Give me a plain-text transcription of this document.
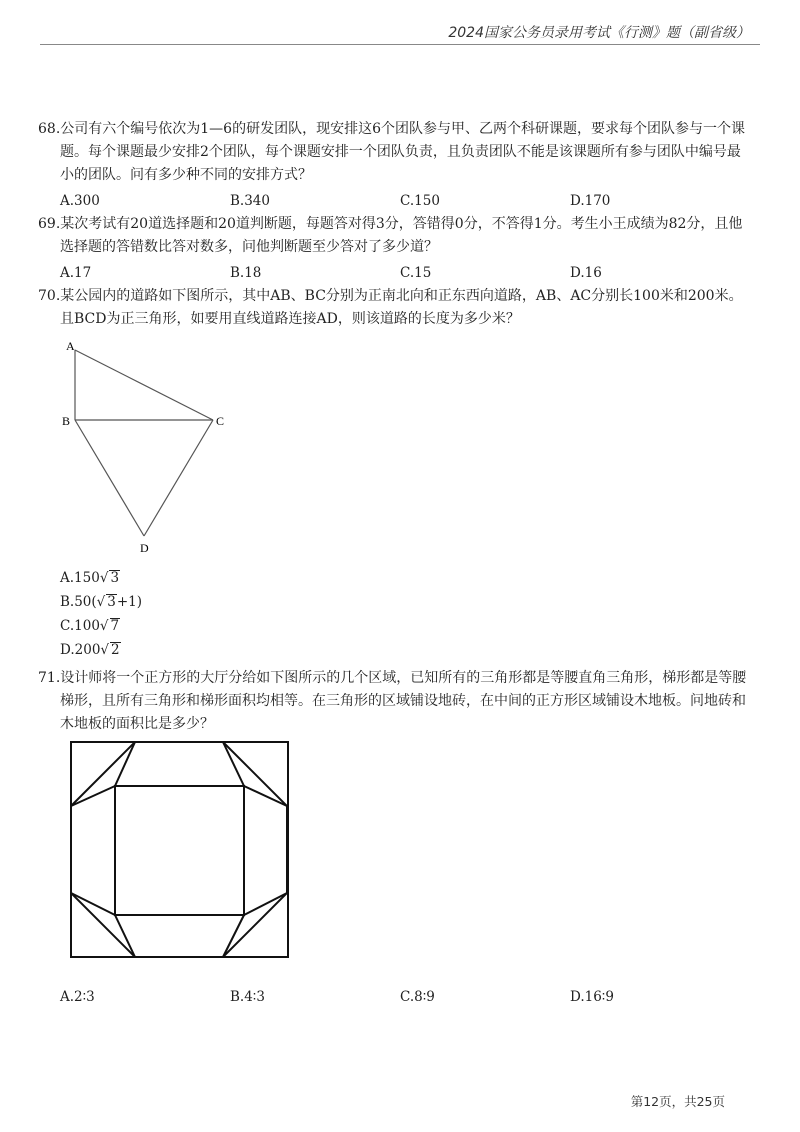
2024国家公务员录用考试《行测》题（副省级）
68.公司有六个编号依次为1—6的研发团队，现安排这6个团队参与甲、乙两个科研课题，要求每个团队参与一个课题。每个课题最少安排2个团队，每个课题安排一个团队负责，且负责团队不能是该课题所有参与团队中编号最小的团队。问有多少种不同的安排方式？
A.300	B.340	C.150	D.170
69.某次考试有20道选择题和20道判断题，每题答对得3分，答错得0分，不答得1分。考生小王成绩为82分，且他选择题的答错数比答对数多，问他判断题至少答对了多少道？
A.17	B.18	C.15	D.16
70.某公园内的道路如下图所示，其中AB、BC分别为正南北向和正东西向道路，AB、AC分别长100米和200米。且BCD为正三角形，如要用直线道路连接AD，则该道路的长度为多少米？
A
B	C
D
A.150√ 3
B.50(√ 3+1)
C.100√ 7
D.200√ 2
71.设计师将一个正方形的大厅分给如下图所示的几个区域，已知所有的三角形都是等腰直角三角形，梯形都是等腰梯形，且所有三角形和梯形面积均相等。在三角形的区域铺设地砖，在中间的正方形区域铺设木地板。问地砖和木地板的面积比是多少？
A.2∶3	B.4∶3	C.8∶9	D.16∶9
第12页，共25页
